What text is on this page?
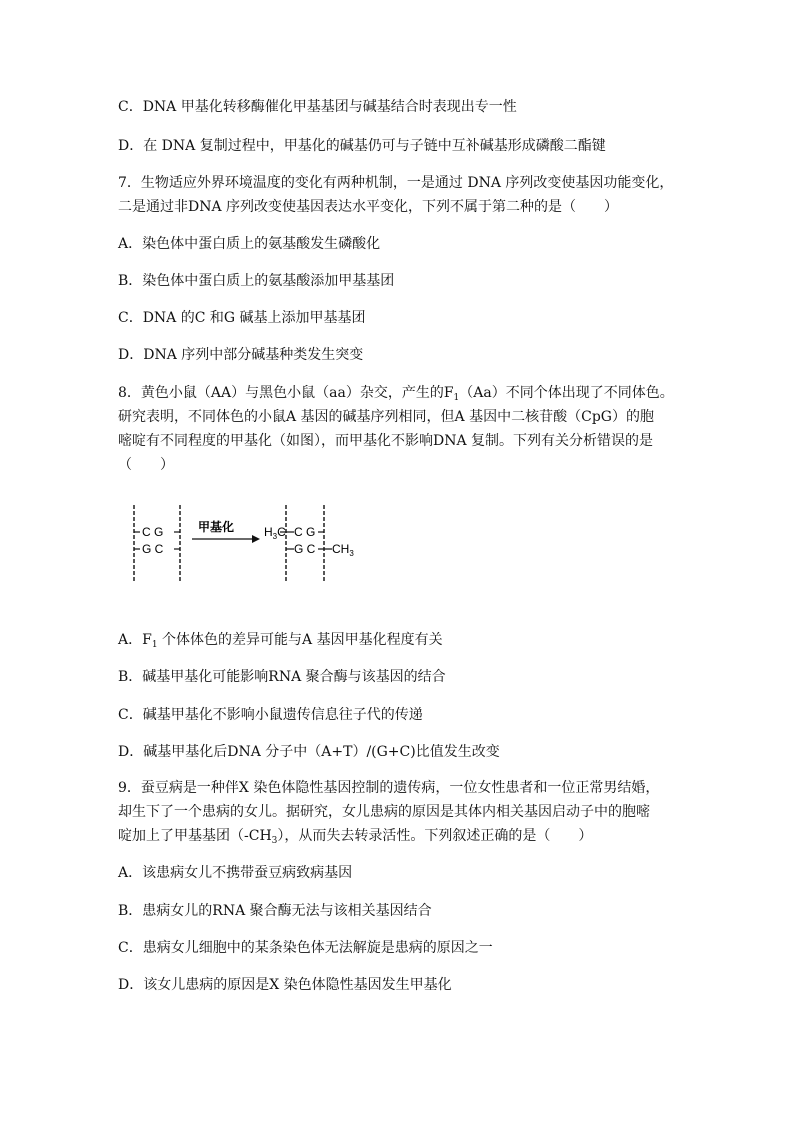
C．DNA 甲基化转移酶催化甲基基团与碱基结合时表现出专一性
D．在 DNA 复制过程中，甲基化的碱基仍可与子链中互补碱基形成磷酸二酯键
7．生物适应外界环境温度的变化有两种机制，一是通过 DNA 序列改变使基因功能变化，
二是通过非DNA 序列改变使基因表达水平变化，下列不属于第二种的是（　　）
A．染色体中蛋白质上的氨基酸发生磷酸化
B．染色体中蛋白质上的氨基酸添加甲基基团
C．DNA 的C 和G 碱基上添加甲基基团
D．DNA 序列中部分碱基种类发生突变
8．黄色小鼠（AA）与黑色小鼠（aa）杂交，产生的$F_1(Aa)$不同个体出现了不同体色。
研究表明，不同体色的小鼠A 基因的碱基序列相同，但A 基因中二核苷酸（CpG）的胞
嘧啶有不同程度的甲基化（如图），而甲基化不影响DNA 复制。下列有关分析错误的是
（　　）
C G
G C
甲基化 $H_3C$ C G
G C $CH_3$
A．$F_1$ 个体体色的差异可能与A 基因甲基化程度有关
B．碱基甲基化可能影响RNA 聚合酶与该基因的结合
C．碱基甲基化不影响小鼠遗传信息往子代的传递
D．碱基甲基化后DNA 分子中（A+T）/(G+C)比值发生改变
9．蚕豆病是一种伴X 染色体隐性基因控制的遗传病，一位女性患者和一位正常男结婚，
却生下了一个患病的女儿。据研究，女儿患病的原因是其体内相关基因启动子中的胞嘧
啶加上了甲基基团$(-CH_3)$，从而失去转录活性。下列叙述正确的是（　　）
A．该患病女儿不携带蚕豆病致病基因
B．患病女儿的RNA 聚合酶无法与该相关基因结合
C．患病女儿细胞中的某条染色体无法解旋是患病的原因之一
D．该女儿患病的原因是X 染色体隐性基因发生甲基化
